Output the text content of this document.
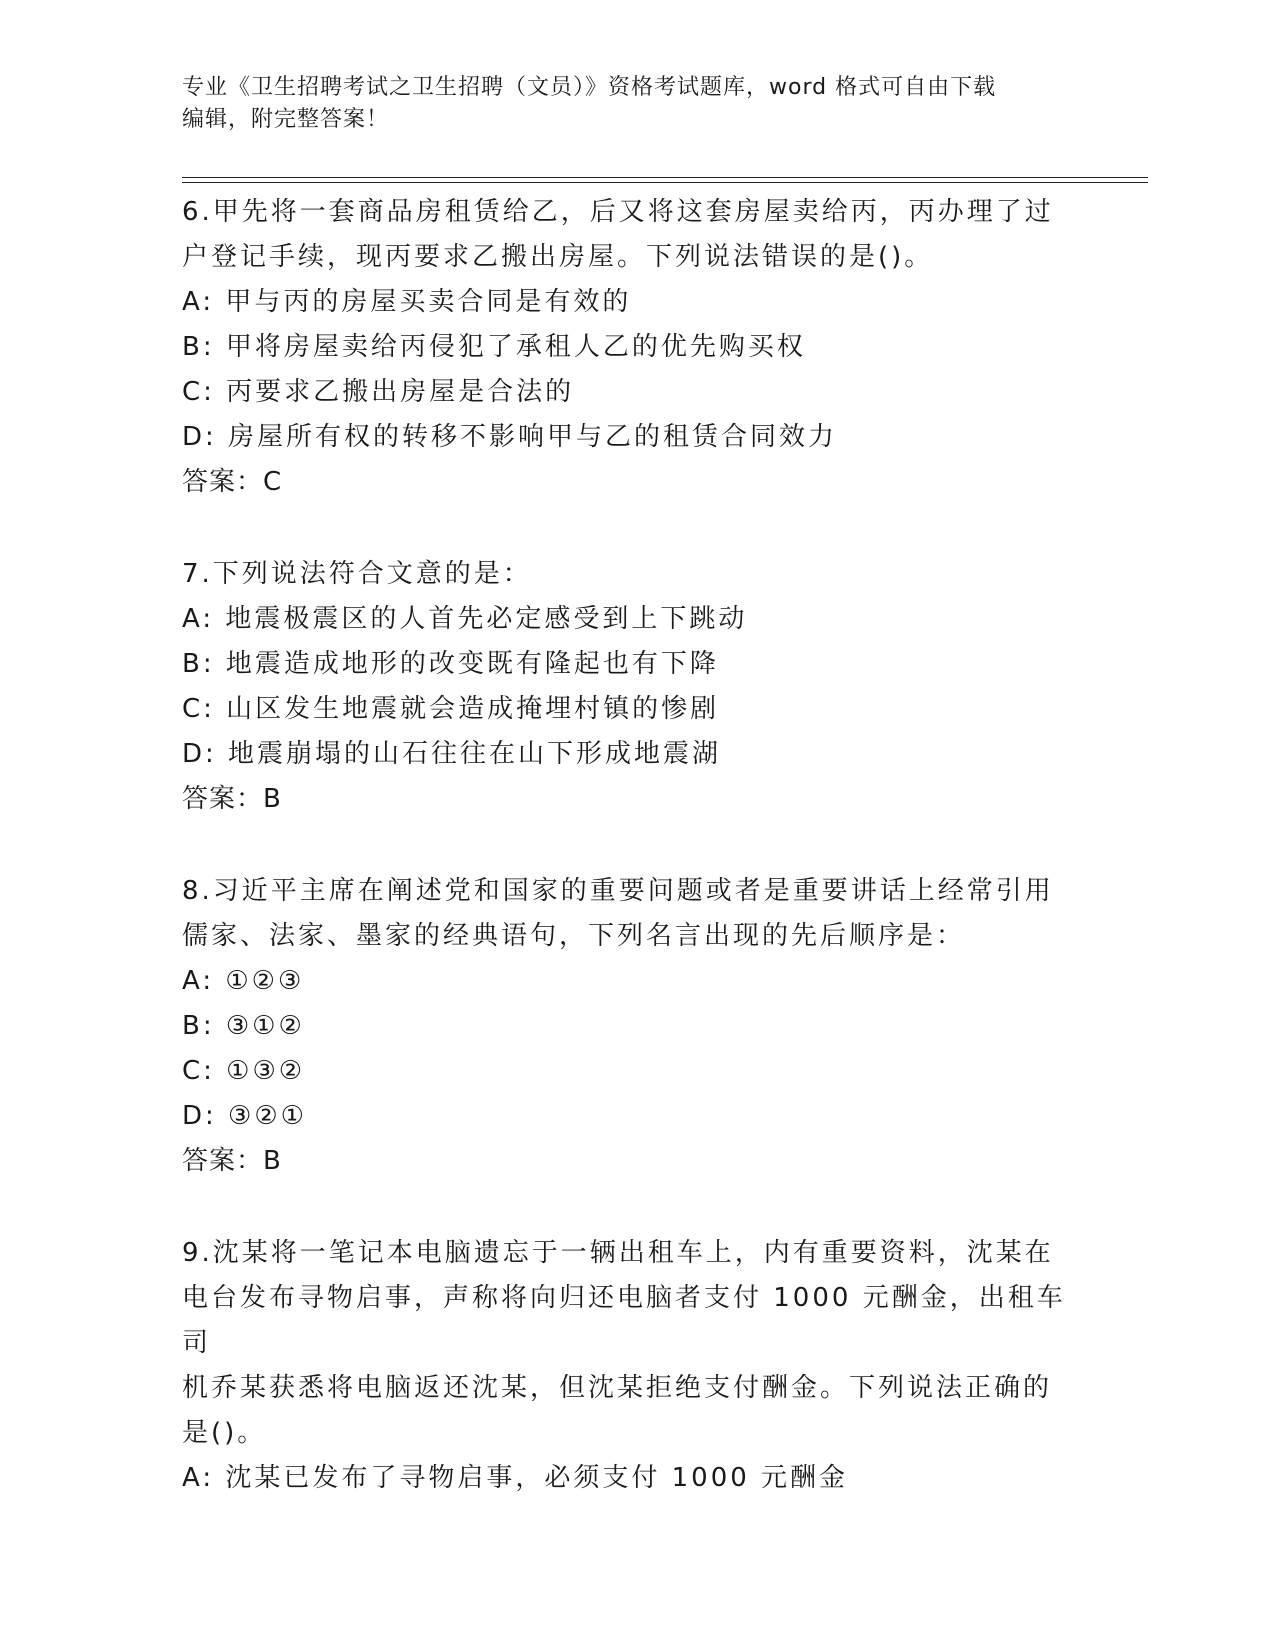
专业《卫生招聘考试之卫生招聘（文员）》资格考试题库，word 格式可自由下载
编辑，附完整答案！

6.甲先将一套商品房租赁给乙，后又将这套房屋卖给丙，丙办理了过

户登记手续，现丙要求乙搬出房屋。下列说法错误的是()。

A: 甲与丙的房屋买卖合同是有效的

B: 甲将房屋卖给丙侵犯了承租人乙的优先购买权

C: 丙要求乙搬出房屋是合法的

D: 房屋所有权的转移不影响甲与乙的租赁合同效力

答案：C

7.下列说法符合文意的是：

A: 地震极震区的人首先必定感受到上下跳动

B: 地震造成地形的改变既有隆起也有下降

C: 山区发生地震就会造成掩埋村镇的惨剧

D: 地震崩塌的山石往往在山下形成地震湖

答案：B

8.习近平主席在阐述党和国家的重要问题或者是重要讲话上经常引用

儒家、法家、墨家的经典语句，下列名言出现的先后顺序是：

A: ①②③

B: ③①②

C: ①③②

D: ③②①

答案：B

9.沈某将一笔记本电脑遗忘于一辆出租车上，内有重要资料，沈某在

电台发布寻物启事，声称将向归还电脑者支付 1000 元酬金，出租车司

机乔某获悉将电脑返还沈某，但沈某拒绝支付酬金。下列说法正确的

是()。

A: 沈某已发布了寻物启事，必须支付 1000 元酬金
